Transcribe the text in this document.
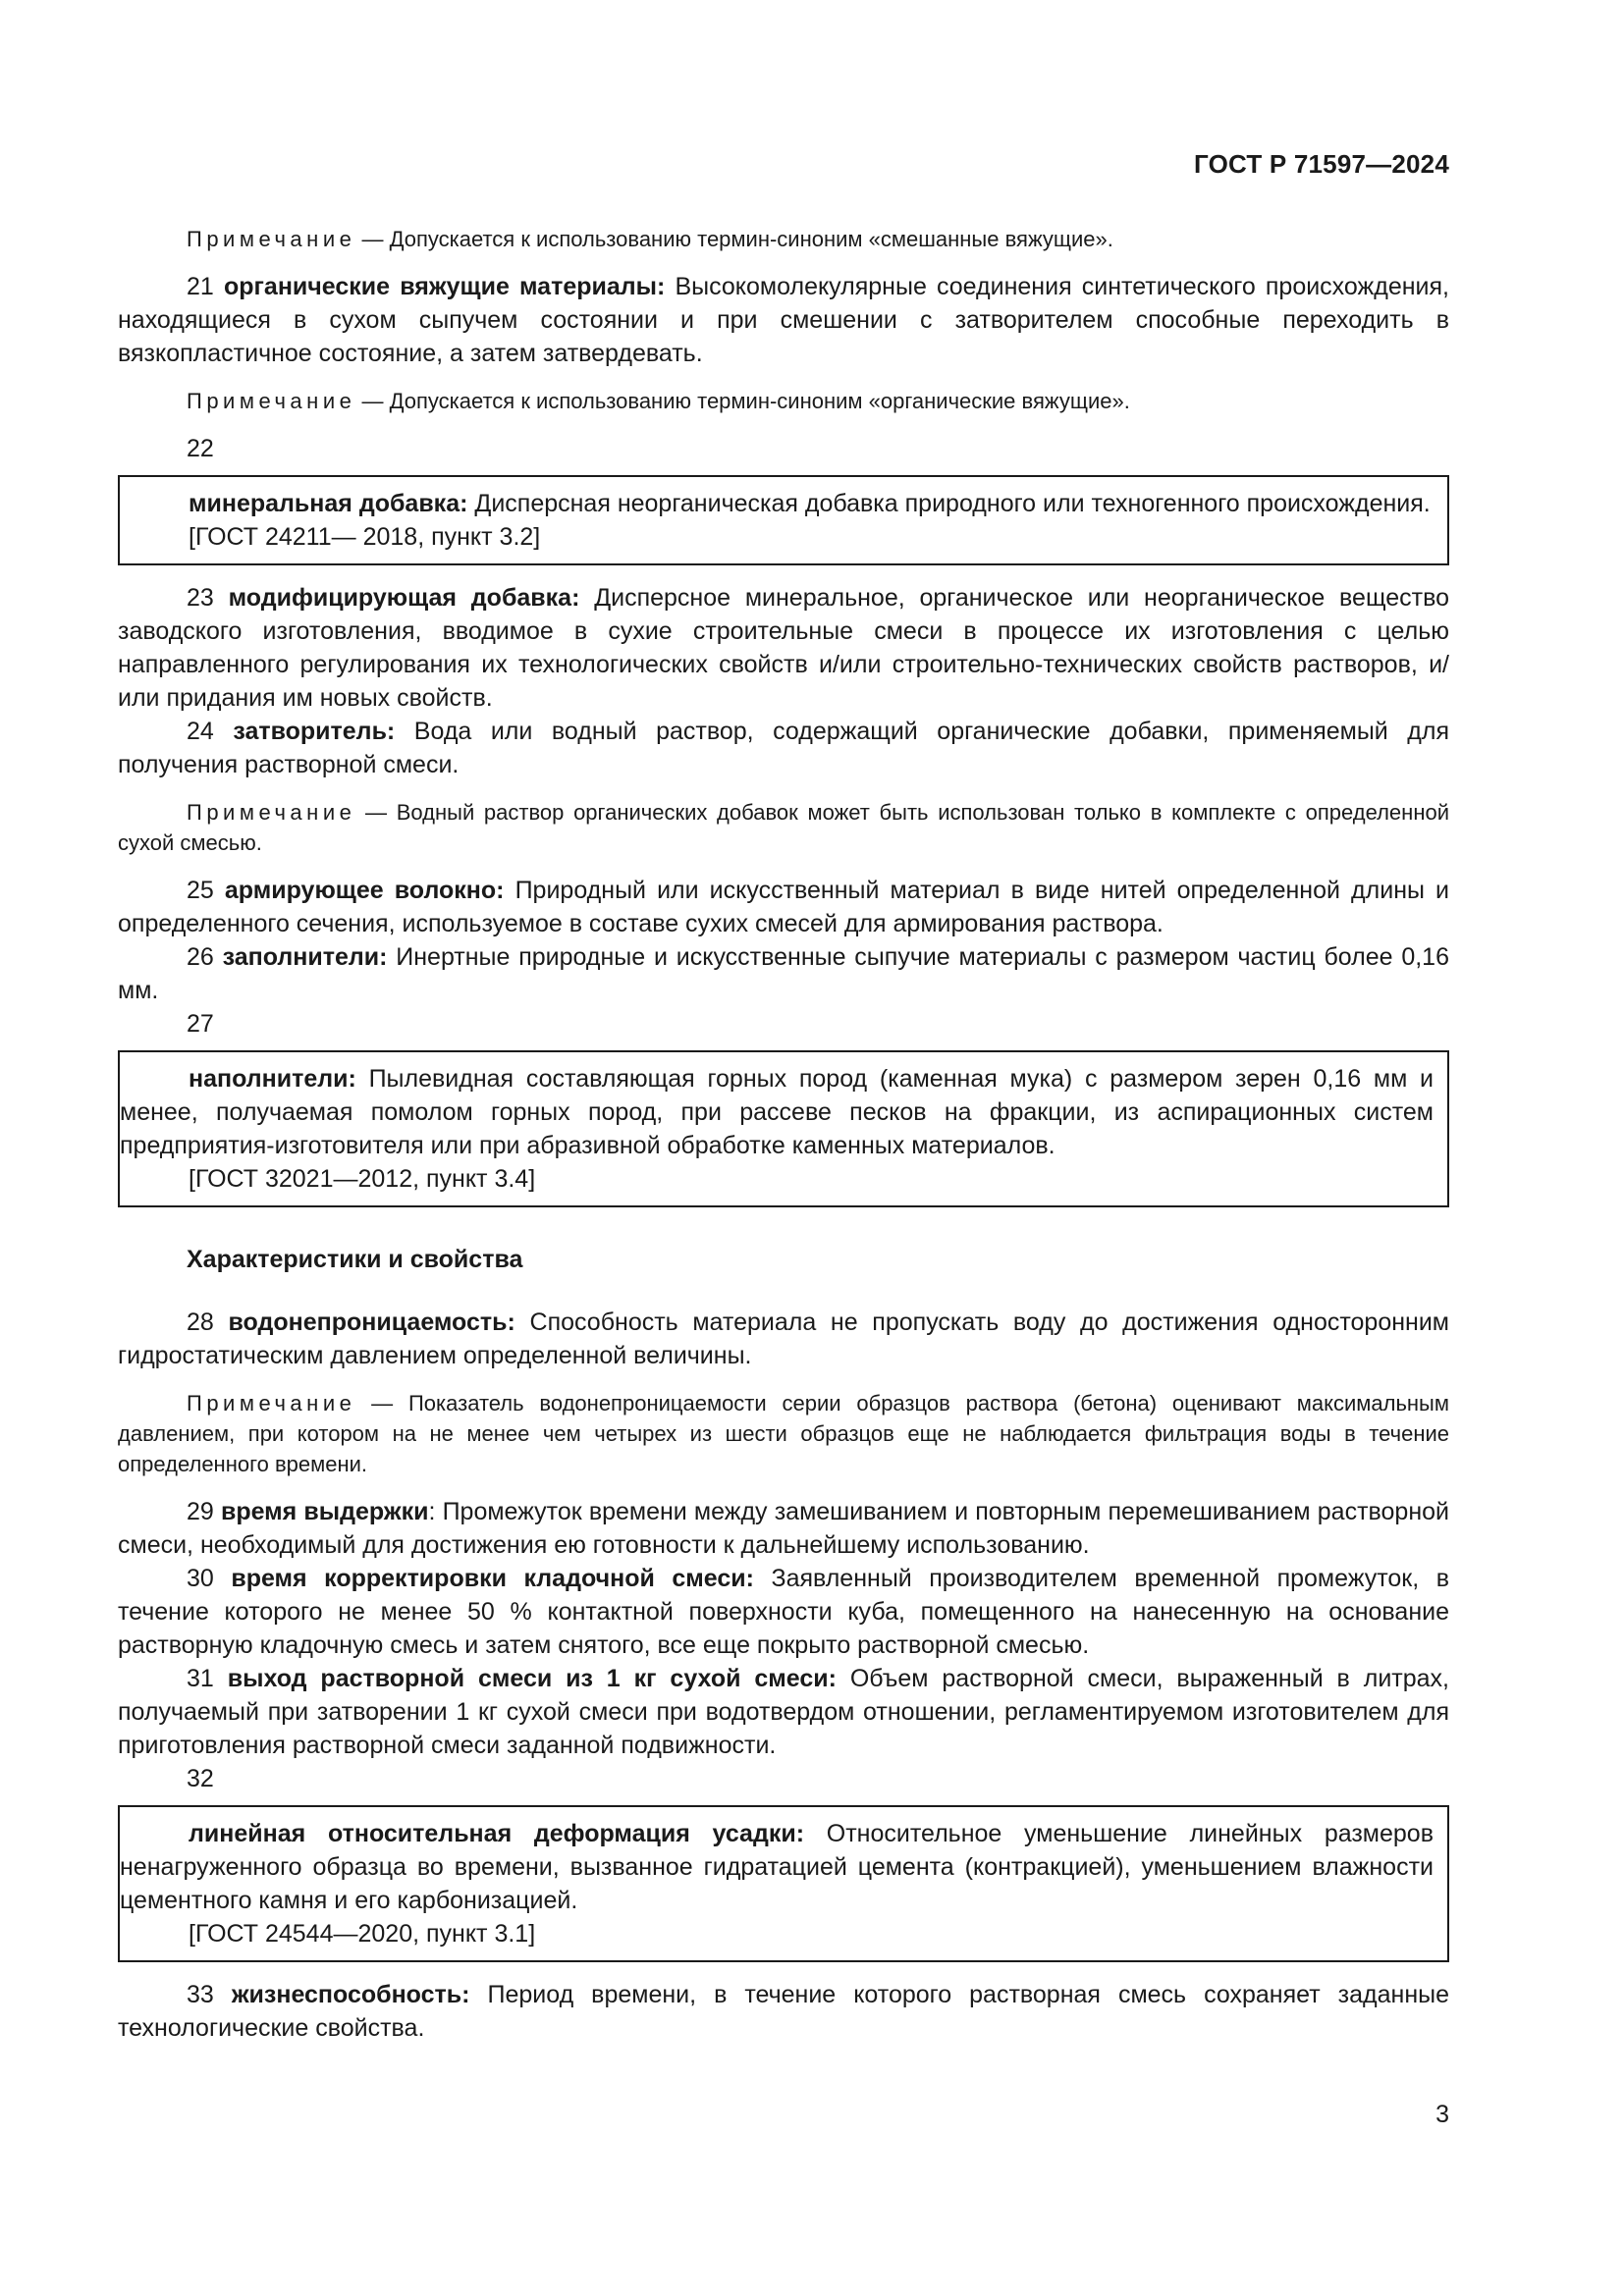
ГОСТ Р 71597—2024

Примечание — Допускается к использованию термин-синоним «смешанные вяжущие».

21 органические вяжущие материалы: Высокомолекулярные соединения синтетического происхождения, находящиеся в сухом сыпучем состоянии и при смешении с затворителем способные переходить в вязкопластичное состояние, а затем затвердевать.

Примечание — Допускается к использованию термин-синоним «органические вяжущие».

22

минеральная добавка: Дисперсная неорганическая добавка природного или техногенного происхождения.

[ГОСТ 24211— 2018, пункт 3.2]

23 модифицирующая добавка: Дисперсное минеральное, органическое или неорганическое вещество заводского изготовления, вводимое в сухие строительные смеси в процессе их изготовления с целью направленного регулирования их технологических свойств и/или строительно-технических свойств растворов, и/или придания им новых свойств.

24 затворитель: Вода или водный раствор, содержащий органические добавки, применяемый для получения растворной смеси.

Примечание — Водный раствор органических добавок может быть использован только в комплекте с определенной сухой смесью.

25 армирующее волокно: Природный или искусственный материал в виде нитей определенной длины и определенного сечения, используемое в составе сухих смесей для армирования раствора.

26 заполнители: Инертные природные и искусственные сыпучие материалы с размером частиц более 0,16 мм.

27

наполнители: Пылевидная составляющая горных пород (каменная мука) с размером зерен 0,16 мм и менее, получаемая помолом горных пород, при рассеве песков на фракции, из аспирационных систем предприятия-изготовителя или при абразивной обработке каменных материалов.

[ГОСТ 32021—2012, пункт 3.4]

Характеристики и свойства

28 водонепроницаемость: Способность материала не пропускать воду до достижения односторонним гидростатическим давлением определенной величины.

Примечание — Показатель водонепроницаемости серии образцов раствора (бетона) оценивают максимальным давлением, при котором на не менее чем четырех из шести образцов еще не наблюдается фильтрация воды в течение определенного времени.

29 время выдержки: Промежуток времени между замешиванием и повторным перемешиванием растворной смеси, необходимый для достижения ею готовности к дальнейшему использованию.

30 время корректировки кладочной смеси: Заявленный производителем временной промежуток, в течение которого не менее 50 % контактной поверхности куба, помещенного на нанесенную на основание растворную кладочную смесь и затем снятого, все еще покрыто растворной смесью.

31 выход растворной смеси из 1 кг сухой смеси: Объем растворной смеси, выраженный в литрах, получаемый при затворении 1 кг сухой смеси при водотвердом отношении, регламентируемом изготовителем для приготовления растворной смеси заданной подвижности.

32

линейная относительная деформация усадки: Относительное уменьшение линейных размеров ненагруженного образца во времени, вызванное гидратацией цемента (контракцией), уменьшением влажности цементного камня и его карбонизацией.

[ГОСТ 24544—2020, пункт 3.1]

33 жизнеспособность: Период времени, в течение которого растворная смесь сохраняет заданные технологические свойства.

3
